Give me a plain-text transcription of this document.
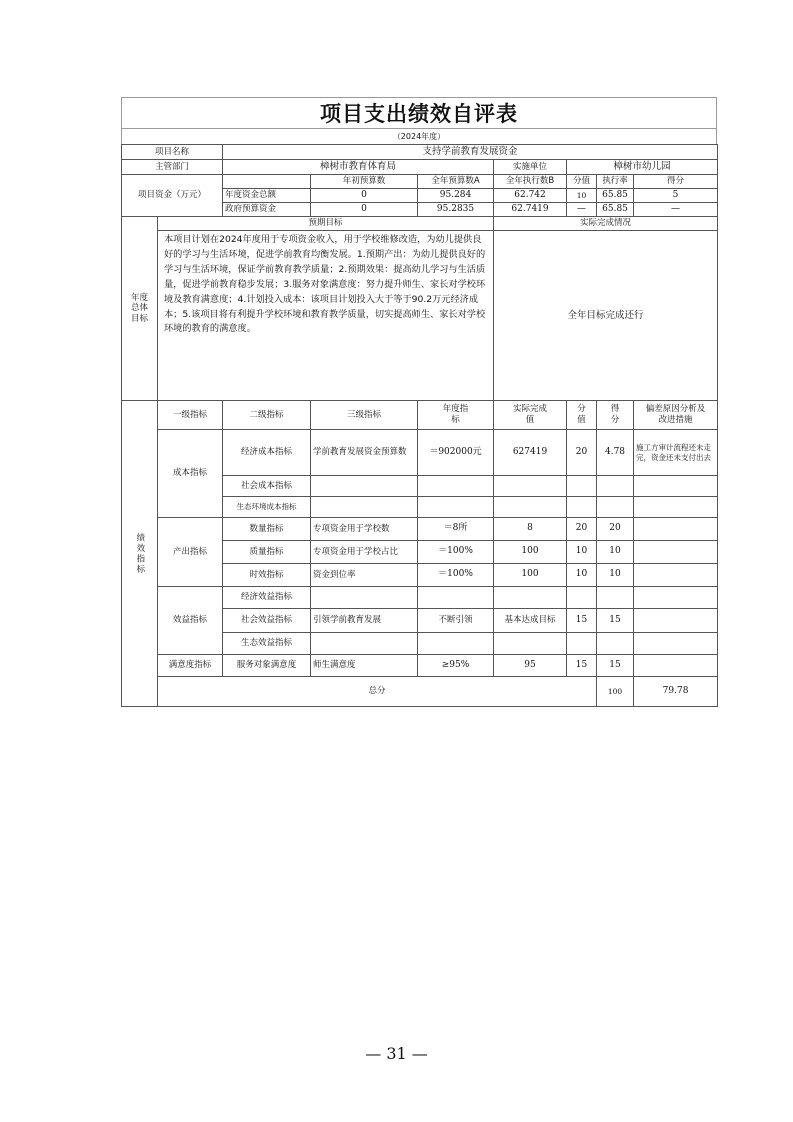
项目支出绩效自评表
（2024年度）
项目名称		支持学前教育发展资金							
主管部门		樟树市教育体育局			实施单位	樟树市幼儿园			
项目资金（万元）			年初预算数	全年预算数A	全年执行数B	分值	执行率	得分	
		年度资金总额	0	95.284	62.742	10	65.85	5	
		政府预算资金	0	95.2835	62.7419	—	65.85	—	

年度总体目标	预期目标				实际完成情况				
	本项目计划在2024年度用于专项资金收入，用于学校维修改造，为幼儿提供良好的学习与生活环境，促进学前教育均衡发展。1.预期产出：为幼儿提供良好的学习与生活环境，保证学前教育教学质量；2.预期效果：提高幼儿学习与生活质量，促进学前教育稳步发展；3.服务对象满意度：努力提升师生、家长对学校环境及教育满意度；4.计划投入成本：该项目计划投入大于等于90.2万元经济成本；5.该项目将有利提升学校环境和教育教学质量，切实提高师生、家长对学校环境的教育的满意度。				全年目标完成还行				

绩效指标	一级指标	二级指标	三级指标	年度指标	实际完成值	分值	得分	偏差原因分析及改进措施	

	成本指标	经济成本指标	学前教育发展资金预算数	＝902000元	627419	20	4.78	施工方审计流程还未走完，资金还未支付出去	
		社会成本指标							
		生态环境成本指标							
	产出指标	数量指标	专项资金用于学校数	＝8所	8	20	20		
		质量指标	专项资金用于学校占比	＝100%	100	10	10		
		时效指标	资金到位率	＝100%	100	10	10		
	效益指标	经济效益指标							
		社会效益指标	引领学前教育发展	不断引领	基本达成目标	15	15		
		生态效益指标							
	满意度指标	服务对象满意度	师生满意度	≥95%	95	15	15		
	总分						100	79.78	
— 31 —
